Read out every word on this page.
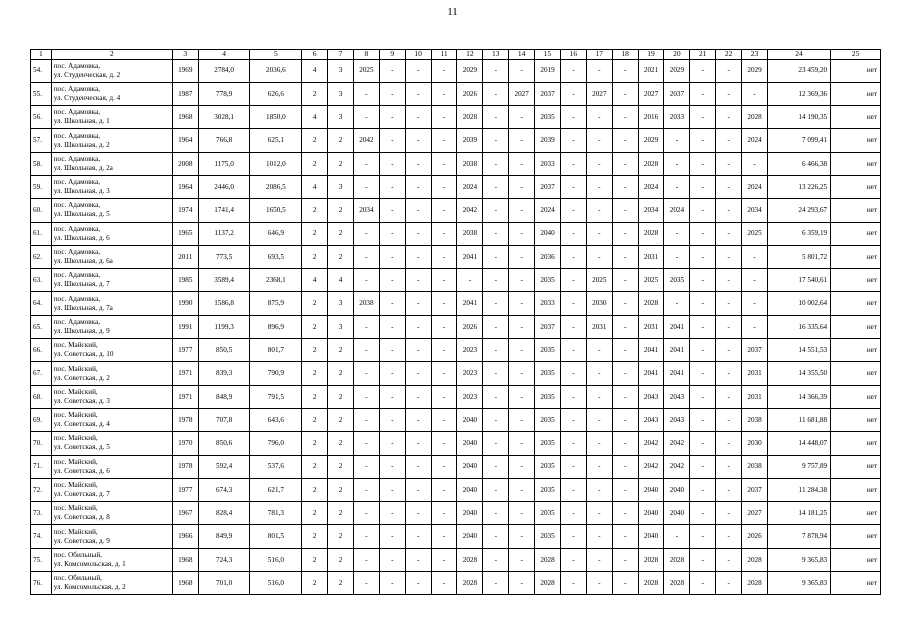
11
1	2	3	4	5	6	7	8	9	10	11	12	13	14	15	16	17	18	19	20	21	22	23	24	25
54.	пос. Адамовка,
ул. Студенческая, д. 2	1969	2784,0	2036,6	4	3	2025	-	-	-	2029	-	-	2019	-	-	-	2021	2029	-	-	2029	23 459,20	нет
55.	пос. Адамовка,
ул. Студенческая, д. 4	1987	778,9	626,6	2	3	-	-	-	-	2026	-	2027	2037	-	2027	-	2027	2037	-	-	-	12 369,36	нет
56.	пос. Адамовка,
ул. Школьная, д. 1	1968	3028,1	1850,0	4	3	-	-	-	-	2028	-	-	2035	-	-	-	2016	2033	-	-	2028	14 190,35	нет
57.	пос. Адамовка,
ул. Школьная, д. 2	1964	766,8	625,1	2	2	2042	-	-	-	2039	-	-	2039	-	-	-	2029	-	-	-	2024	7 099,41	нет
58.	пос. Адамовка,
ул. Школьная, д. 2а	2008	1175,0	1012,0	2	2	-	-	-	-	2038	-	-	2033	-	-	-	2028	-	-	-	-	6 466,38	нет
59.	пос. Адамовка,
ул. Школьная, д. 3	1964	2446,0	2086,5	4	3	-	-	-	-	2024	-	-	2037	-	-	-	2024	-	-	-	2024	13 226,25	нет
60.	пос. Адамовка,
ул. Школьная, д. 5	1974	1741,4	1650,5	2	2	2034	-	-	-	2042	-	-	2024	-	-	-	2034	2024	-	-	2034	24 293,67	нет
61.	пос. Адамовка,
ул. Школьная, д. 6	1965	1137,2	646,9	2	2	-	-	-	-	2038	-	-	2040	-	-	-	2028	-	-	-	2025	6 359,19	нет
62.	пос. Адамовка,
ул. Школьная, д. 6а	2011	773,5	693,5	2	2	-	-	-	-	2041	-	-	2036	-	-	-	2031	-	-	-	-	5 801,72	нет
63.	пос. Адамовка,
ул. Школьная, д. 7	1985	3589,4	2368,1	4	4	-	-	-	-	-	-	-	2035	-	2025	-	2025	2035	-	-	-	17 540,61	нет
64.	пос. Адамовка,
ул. Школьная, д. 7а	1990	1586,8	875,9	2	3	2038	-	-	-	2041	-	-	2033	-	2030	-	2028	-	-	-	-	10 002,64	нет
65.	пос. Адамовка,
ул. Школьная, д. 9	1991	1199,3	896,9	2	3	-	-	-	-	2026	-	-	2037	-	2031	-	2031	2041	-	-	-	16 335,64	нет
66.	пос. Майский,
ул. Советская, д. 10	1977	850,5	801,7	2	2	-	-	-	-	2023	-	-	2035	-	-	-	2041	2041	-	-	2037	14 551,53	нет
67.	пос. Майский,
ул. Советская, д. 2	1971	839,3	790,9	2	2	-	-	-	-	2023	-	-	2035	-	-	-	2041	2041	-	-	2031	14 355,50	нет
68.	пос. Майский,
ул. Советская, д. 3	1971	848,9	791,5	2	2	-	-	-	-	2023	-	-	2035	-	-	-	2043	2043	-	-	2031	14 366,39	нет
69.	пос. Майский,
ул. Советская, д. 4	1978	707,8	643,6	2	2	-	-	-	-	2040	-	-	2035	-	-	-	2043	2043	-	-	2038	11 681,88	нет
70.	пос. Майский,
ул. Советская, д. 5	1970	850,6	796,0	2	2	-	-	-	-	2040	-	-	2035	-	-	-	2042	2042	-	-	2030	14 448,07	нет
71.	пос. Майский,
ул. Советская, д. 6	1978	592,4	537,6	2	2	-	-	-	-	2040	-	-	2035	-	-	-	2042	2042	-	-	2038	9 757,89	нет
72.	пос. Майский,
ул. Советская, д. 7	1977	674,3	621,7	2	2	-	-	-	-	2040	-	-	2035	-	-	-	2040	2040	-	-	2037	11 284,38	нет
73.	пос. Майский,
ул. Советская, д. 8	1967	828,4	781,3	2	2	-	-	-	-	2040	-	-	2035	-	-	-	2040	2040	-	-	2027	14 181,25	нет
74.	пос. Майский,
ул. Советская, д. 9	1966	849,9	801,5	2	2	-	-	-	-	2040	-	-	2035	-	-	-	2040	-	-	-	2026	7 878,94	нет
75.	пос. Обильный,
ул. Комсомольская, д. 1	1968	724,3	516,0	2	2	-	-	-	-	2028	-	-	2028	-	-	-	2028	2028	-	-	2028	9 365,83	нет
76.	пос. Обильный,
ул. Комсомольская, д. 2	1968	701,0	516,0	2	2	-	-	-	-	2028	-	-	2028	-	-	-	2028	2028	-	-	2028	9 365,83	нет
